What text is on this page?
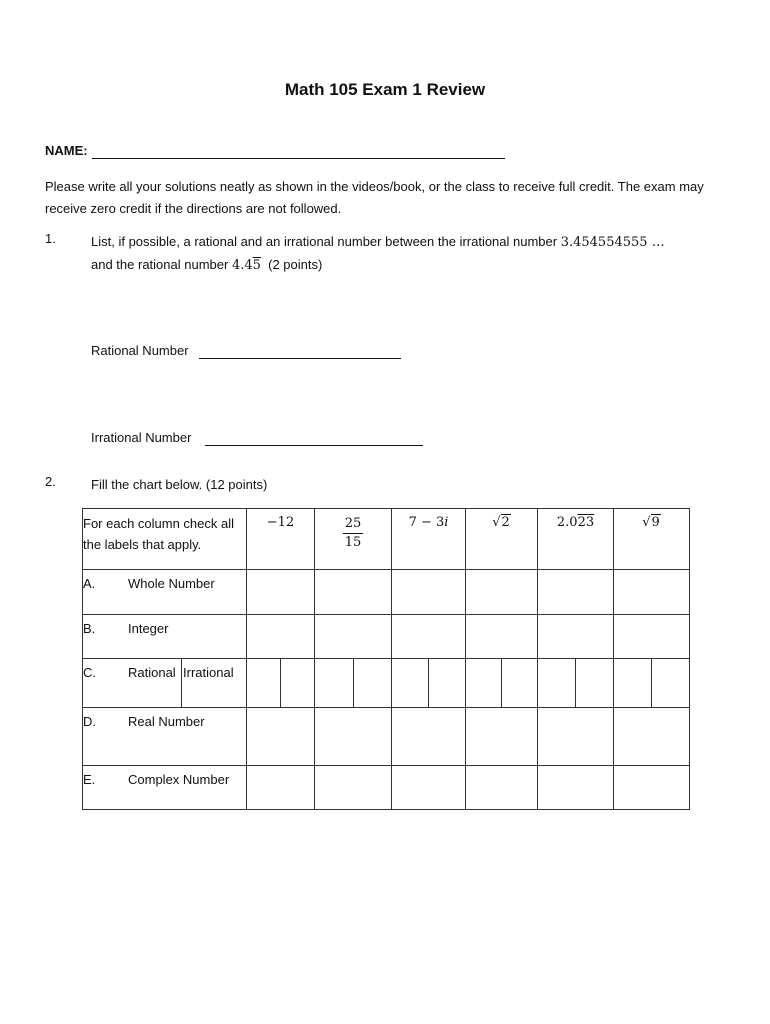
Math 105 Exam 1 Review
NAME:
Please write all your solutions neatly as shown in the videos/book, or the class to receive full credit. The exam may receive zero credit if the directions are not followed.
1.	List, if possible, a rational and an irrational number between the irrational number 3.454554555 …
and the rational number 4.45 (2 points)
Rational Number
Irrational Number
2.	Fill the chart below. (12 points)
For each column check all the labels that apply.	−12	$\frac{25}{15}$	7 − 3𝑖	√2	2.023	√9

A. Whole Number						

B. Integer						

C. Rational Irrational						

D. Real Number						

E. Complex Number						
